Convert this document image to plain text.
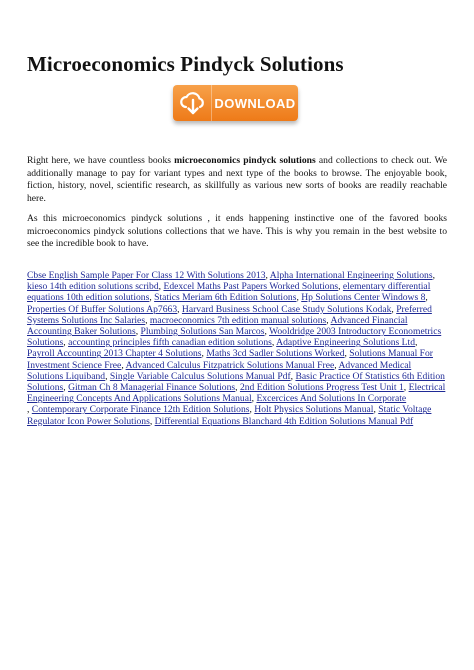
Microeconomics Pindyck Solutions
DOWNLOAD

Right here, we have countless books microeconomics pindyck solutions and collections to check out. We additionally manage to pay for variant types and next type of the books to browse. The enjoyable book, fiction, history, novel, scientific research, as skillfully as various new sorts of books are readily reachable here.

As this microeconomics pindyck solutions , it ends happening instinctive one of the favored books microeconomics pindyck solutions collections that we have. This is why you remain in the best website to see the incredible book to have.

Cbse English Sample Paper For Class 12 With Solutions 2013, Alpha International Engineering Solutions, kieso 14th edition solutions scribd, Edexcel Maths Past Papers Worked Solutions, elementary differential equations 10th edition solutions, Statics Meriam 6th Edition Solutions, Hp Solutions Center Windows 8, Properties Of Buffer Solutions Ap7663, Harvard Business School Case Study Solutions Kodak, Preferred Systems Solutions Inc Salaries, macroeconomics 7th edition manual solutions, Advanced Financial Accounting Baker Solutions, Plumbing Solutions San Marcos, Wooldridge 2003 Introductory Econometrics Solutions, accounting principles fifth canadian edition solutions, Adaptive Engineering Solutions Ltd, Payroll Accounting 2013 Chapter 4 Solutions, Maths 3cd Sadler Solutions Worked, Solutions Manual For Investment Science Free, Advanced Calculus Fitzpatrick Solutions Manual Free, Advanced Medical Solutions Liquiband, Single Variable Calculus Solutions Manual Pdf, Basic Practice Of Statistics 6th Edition Solutions, Gitman Ch 8 Managerial Finance Solutions, 2nd Edition Solutions Progress Test Unit 1, Electrical Engineering Concepts And Applications Solutions Manual, Excercices And Solutions In Corporate
, Contemporary Corporate Finance 12th Edition Solutions, Holt Physics Solutions Manual, Static Voltage Regulator Icon Power Solutions, Differential Equations Blanchard 4th Edition Solutions Manual Pdf
